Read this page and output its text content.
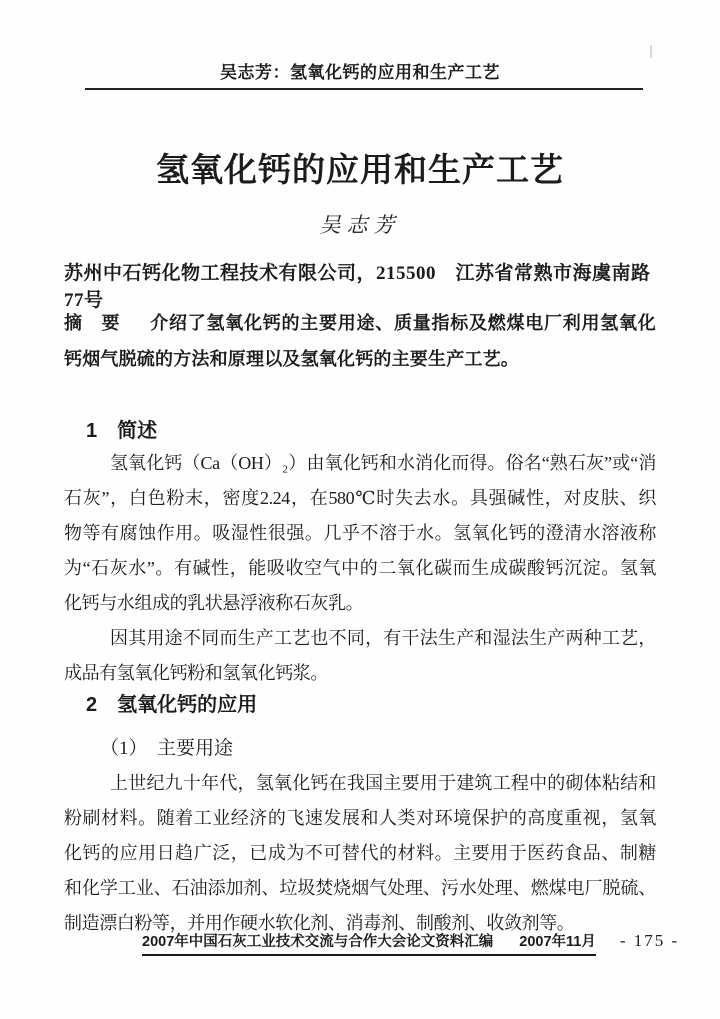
吴志芳：氢氧化钙的应用和生产工艺
氢氧化钙的应用和生产工艺
吴志芳
苏州中石钙化物工程技术有限公司，215500　江苏省常熟市海虞南路77号
摘　要 介绍了氢氧化钙的主要用途、质量指标及燃煤电厂利用氢氧化
钙烟气脱硫的方法和原理以及氢氧化钙的主要生产工艺。
1　简述
氢氧化钙（Ca（OH）₂）由氧化钙和水消化而得。俗名“熟石灰”或“消
石灰”，白色粉末，密度2.24，在580℃时失去水。具强碱性，对皮肤、织
物等有腐蚀作用。吸湿性很强。几乎不溶于水。氢氧化钙的澄清水溶液称
为“石灰水”。有碱性，能吸收空气中的二氧化碳而生成碳酸钙沉淀。氢氧
化钙与水组成的乳状悬浮液称石灰乳。
因其用途不同而生产工艺也不同，有干法生产和湿法生产两种工艺，
成品有氢氧化钙粉和氢氧化钙浆。
2　氢氧化钙的应用
（1）　主要用途
上世纪九十年代，氢氧化钙在我国主要用于建筑工程中的砌体粘结和
粉刷材料。随着工业经济的飞速发展和人类对环境保护的高度重视，氢氧
化钙的应用日趋广泛，已成为不可替代的材料。主要用于医药食品、制糖
和化学工业、石油添加剂、垃圾焚烧烟气处理、污水处理、燃煤电厂脱硫、
制造漂白粉等，并用作硬水软化剂、消毒剂、制酸剂、收敛剂等。
2007年中国石灰工业技术交流与合作大会论文资料汇编 2007年11月 - 175 -
